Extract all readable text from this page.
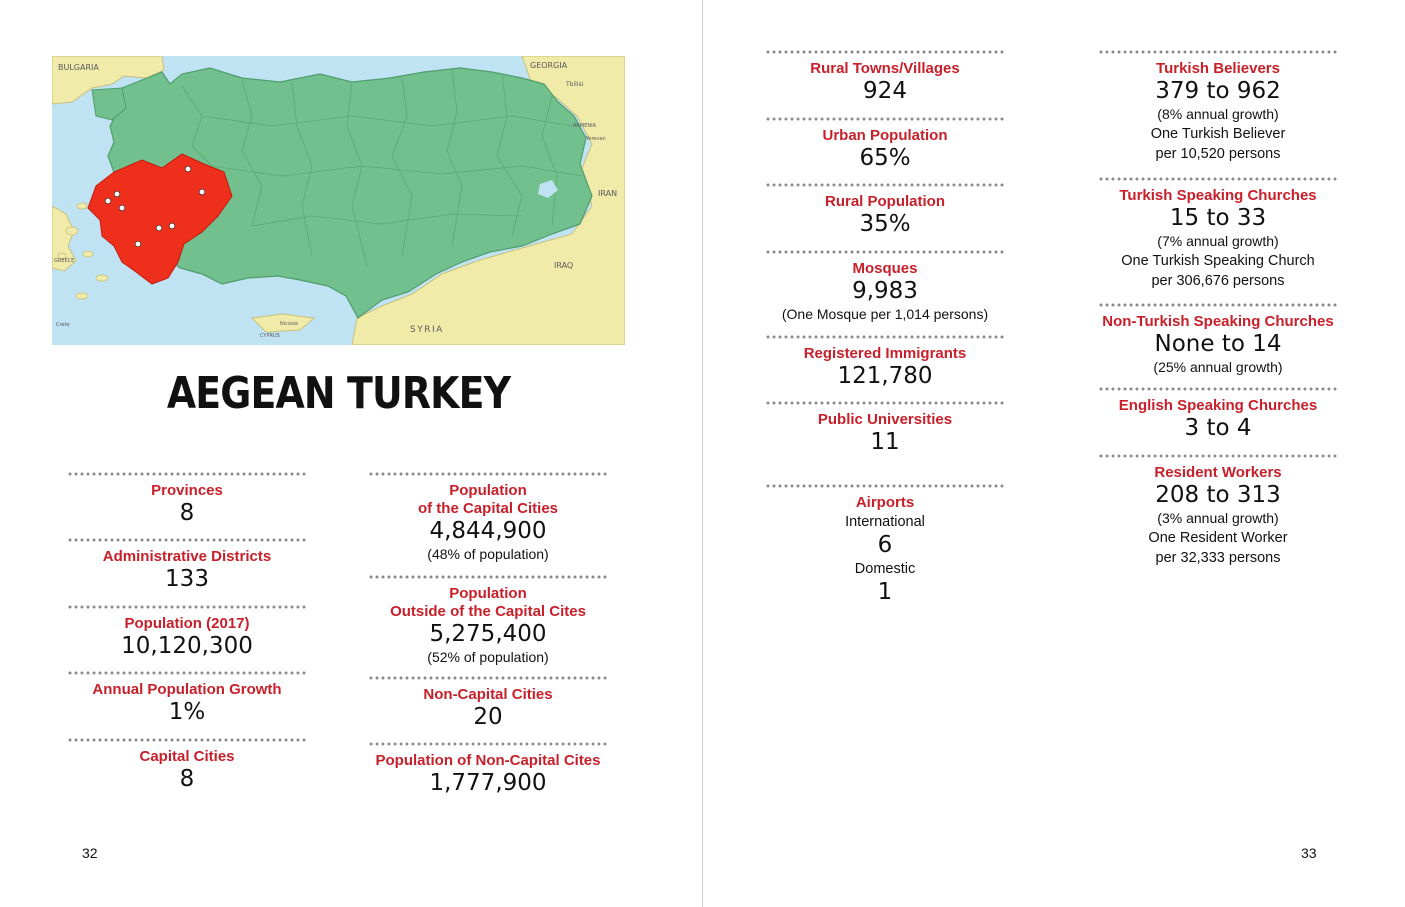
BULGARIA	GEORGIA
Tbilisi
ARMENIA
Yerevan
IRAN
IRAQ
SYRIA
GREECE
CYPRUS
Nicosia
Crete
AEGEAN TURKEY
Provinces
8
Administrative Districts
133
Population (2017)
10,120,300
Annual Population Growth
1%
Capital Cities
8
Population
of the Capital Cities
4,844,900
(48% of population)
Population
Outside of the Capital Cites
5,275,400
(52% of population)
Non-Capital Cities
20
Population of Non-Capital Cites
1,777,900
32
Rural Towns/Villages
924
Urban Population
65%
Rural Population
35%
Mosques
9,983
(One Mosque per 1,014 persons)
Registered Immigrants
121,780
Public Universities
11
Airports
International
6
Domestic
1
Turkish Believers
379 to 962
(8% annual growth)
One Turkish Believer
per 10,520 persons
Turkish Speaking Churches
15 to 33
(7% annual growth)
One Turkish Speaking Church
per 306,676 persons
Non-Turkish Speaking Churches
None to 14
(25% annual growth)
English Speaking Churches
3 to 4
Resident Workers
208 to 313
(3% annual growth)
One Resident Worker
per 32,333 persons
33
